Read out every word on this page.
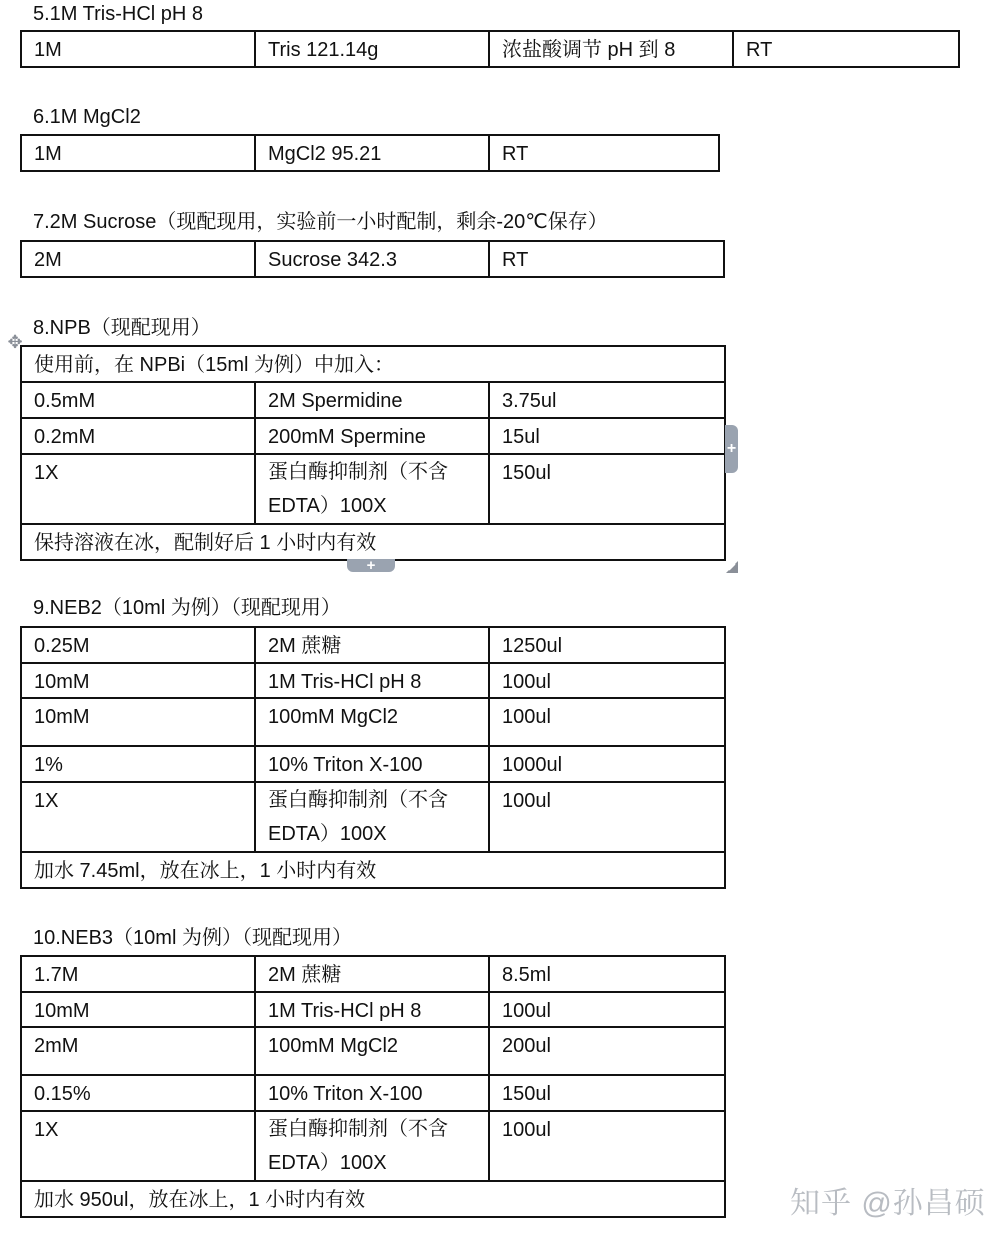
5.1M Tris-HCl pH 8
1M	Tris 121.14g	浓盐酸调节 pH 到 8	RT
6.1M MgCl2
1M	MgCl2 95.21	RT
7.2M Sucrose（现配现用，实验前一小时配制，剩余-20℃保存）
2M	Sucrose 342.3	RT
8.NPB（现配现用）
✥
使用前，在 NPBi（15ml 为例）中加入：		
0.5mM	2M Spermidine	3.75ul
0.2mM	200mM Spermine	15ul
1X	蛋白酶抑制剂（不含EDTA）100X	150ul
保持溶液在冰，配制好后 1 小时内有效		
+
+
9.NEB2（10ml 为例）（现配现用）
0.25M	2M 蔗糖	1250ul
10mM	1M Tris-HCl pH 8	100ul
10mM	100mM MgCl2	100ul
1%	10% Triton X-100	1000ul
1X	蛋白酶抑制剂（不含EDTA）100X	100ul
加水 7.45ml，放在冰上，1 小时内有效		
10.NEB3（10ml 为例）（现配现用）
1.7M	2M 蔗糖	8.5ml
10mM	1M Tris-HCl pH 8	100ul
2mM	100mM MgCl2	200ul
0.15%	10% Triton X-100	150ul
1X	蛋白酶抑制剂（不含EDTA）100X	100ul
加水 950ul，放在冰上，1 小时内有效			知乎 @孙昌硕
